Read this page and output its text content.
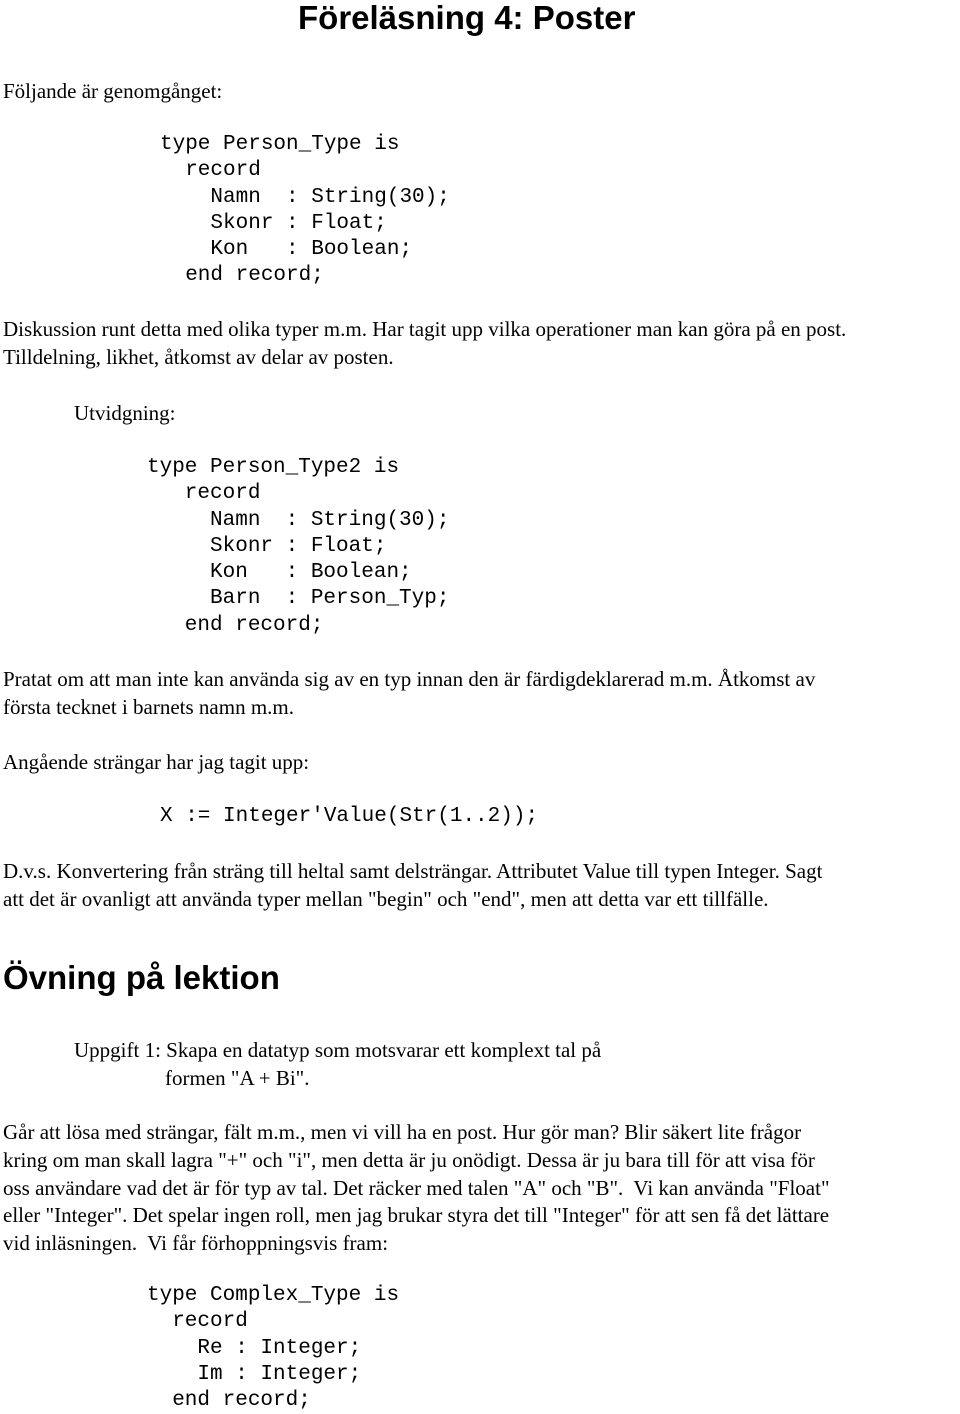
Föreläsning 4: Poster
Följande är genomgånget:
type Person_Type is
record
Namn  : String(30);
Skonr : Float;
Kon   : Boolean;
end record;
Diskussion runt detta med olika typer m.m. Har tagit upp vilka operationer man kan göra på en post.
Tilldelning, likhet, åtkomst av delar av posten.
Utvidgning:
type Person_Type2 is
record
Namn  : String(30);
Skonr : Float;
Kon   : Boolean;
Barn  : Person_Typ;
end record;
Pratat om att man inte kan använda sig av en typ innan den är färdigdeklarerad m.m. Åtkomst av
första tecknet i barnets namn m.m.
Angående strängar har jag tagit upp:
X := Integer'Value(Str(1..2));
D.v.s. Konvertering från sträng till heltal samt delsträngar. Attributet Value till typen Integer. Sagt
att det är ovanligt att använda typer mellan "begin" och "end", men att detta var ett tillfälle.
Övning på lektion
Uppgift 1: Skapa en datatyp som motsvarar ett komplext tal på
formen "A + Bi".
Går att lösa med strängar, fält m.m., men vi vill ha en post. Hur gör man? Blir säkert lite frågor
kring om man skall lagra "+" och "i", men detta är ju onödigt. Dessa är ju bara till för att visa för
oss användare vad det är för typ av tal. Det räcker med talen "A" och "B".  Vi kan använda "Float"
eller "Integer". Det spelar ingen roll, men jag brukar styra det till "Integer" för att sen få det lättare
vid inläsningen.  Vi får förhoppningsvis fram:
type Complex_Type is
record
Re : Integer;
Im : Integer;
end record;
